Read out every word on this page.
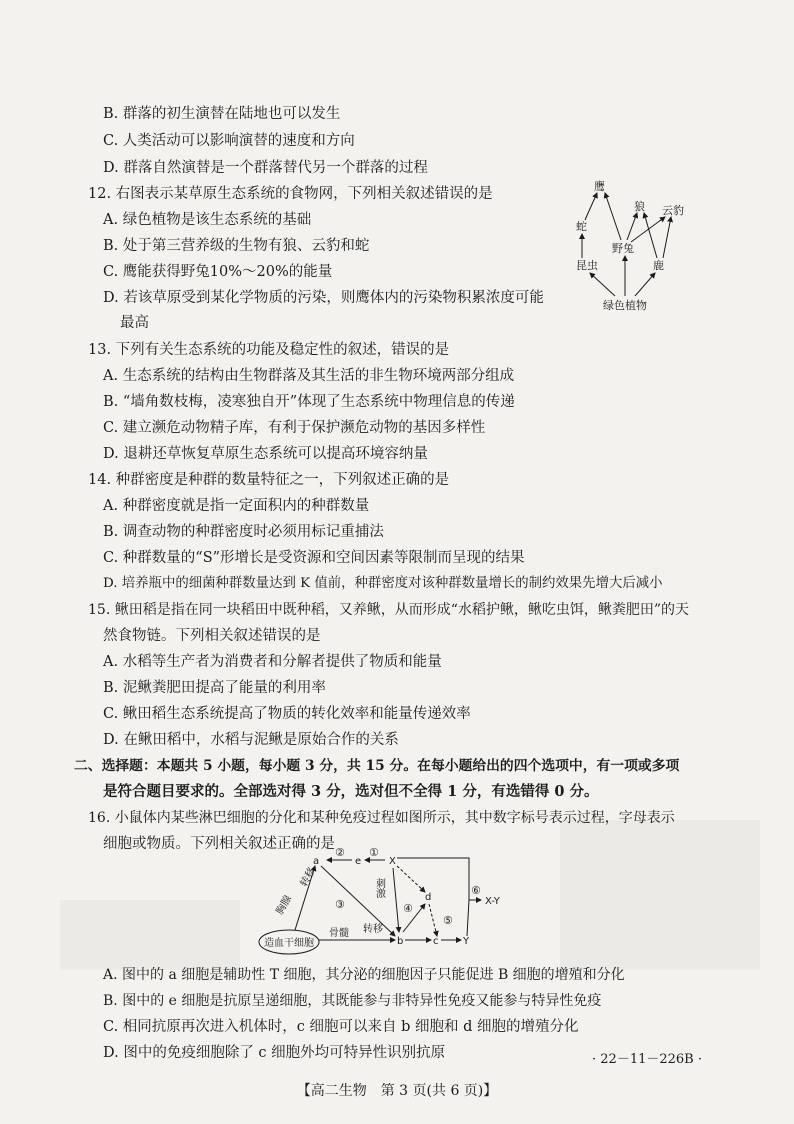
B. 群落的初生演替在陆地也可以发生
C. 人类活动可以影响演替的速度和方向
D. 群落自然演替是一个群落替代另一个群落的过程
12. 右图表示某草原生态系统的食物网，下列相关叙述错误的是
A. 绿色植物是该生态系统的基础
B. 处于第三营养级的生物有狼、云豹和蛇
C. 鹰能获得野兔10%～20%的能量
D. 若该草原受到某化学物质的污染，则鹰体内的污染物积累浓度可能
最高
鹰
狼 云豹
蛇
野兔
昆虫	鹿
绿色植物
13. 下列有关生态系统的功能及稳定性的叙述，错误的是
A. 生态系统的结构由生物群落及其生活的非生物环境两部分组成
B. “墙角数枝梅，凌寒独自开”体现了生态系统中物理信息的传递
C. 建立濒危动物精子库，有利于保护濒危动物的基因多样性
D. 退耕还草恢复草原生态系统可以提高环境容纳量
14. 种群密度是种群的数量特征之一，下列叙述正确的是
A. 种群密度就是指一定面积内的种群数量
B. 调查动物的种群密度时必须用标记重捕法
C. 种群数量的“S”形增长是受资源和空间因素等限制而呈现的结果
D. 培养瓶中的细菌种群数量达到 K 值前，种群密度对该种群数量增长的制约效果先增大后减小
15. 鳅田稻是指在同一块稻田中既种稻，又养鳅，从而形成“水稻护鳅，鳅吃虫饵，鳅粪肥田”的天
然食物链。下列相关叙述错误的是
A. 水稻等生产者为消费者和分解者提供了物质和能量
B. 泥鳅粪肥田提高了能量的利用率
C. 鳅田稻生态系统提高了物质的转化效率和能量传递效率
D. 在鳅田稻中，水稻与泥鳅是原始合作的关系
二、选择题：本题共 5 小题，每小题 3 分，共 15 分。在每小题给出的四个选项中，有一项或多项
是符合题目要求的。全部选对得 3 分，选对但不全得 1 分，有选错得 0 分。
16. 小鼠体内某些淋巴细胞的分化和某种免疫过程如图所示，其中数字标号表示过程，字母表示
细胞或物质。下列相关叙述正确的是
造血干细胞
胸腺
转移
a
骨髓 转移
b
③
e	X
①
②
刺激	d
④
⑤
c Y
⑥
X-Y
A. 图中的 a 细胞是辅助性 T 细胞，其分泌的细胞因子只能促进 B 细胞的增殖和分化
B. 图中的 e 细胞是抗原呈递细胞，其既能参与非特异性免疫又能参与特异性免疫
C. 相同抗原再次进入机体时，c 细胞可以来自 b 细胞和 d 细胞的增殖分化
D. 图中的免疫细胞除了 c 细胞外均可特异性识别抗原	· 22－11－226B ·
【高二生物　第 3 页(共 6 页)】
